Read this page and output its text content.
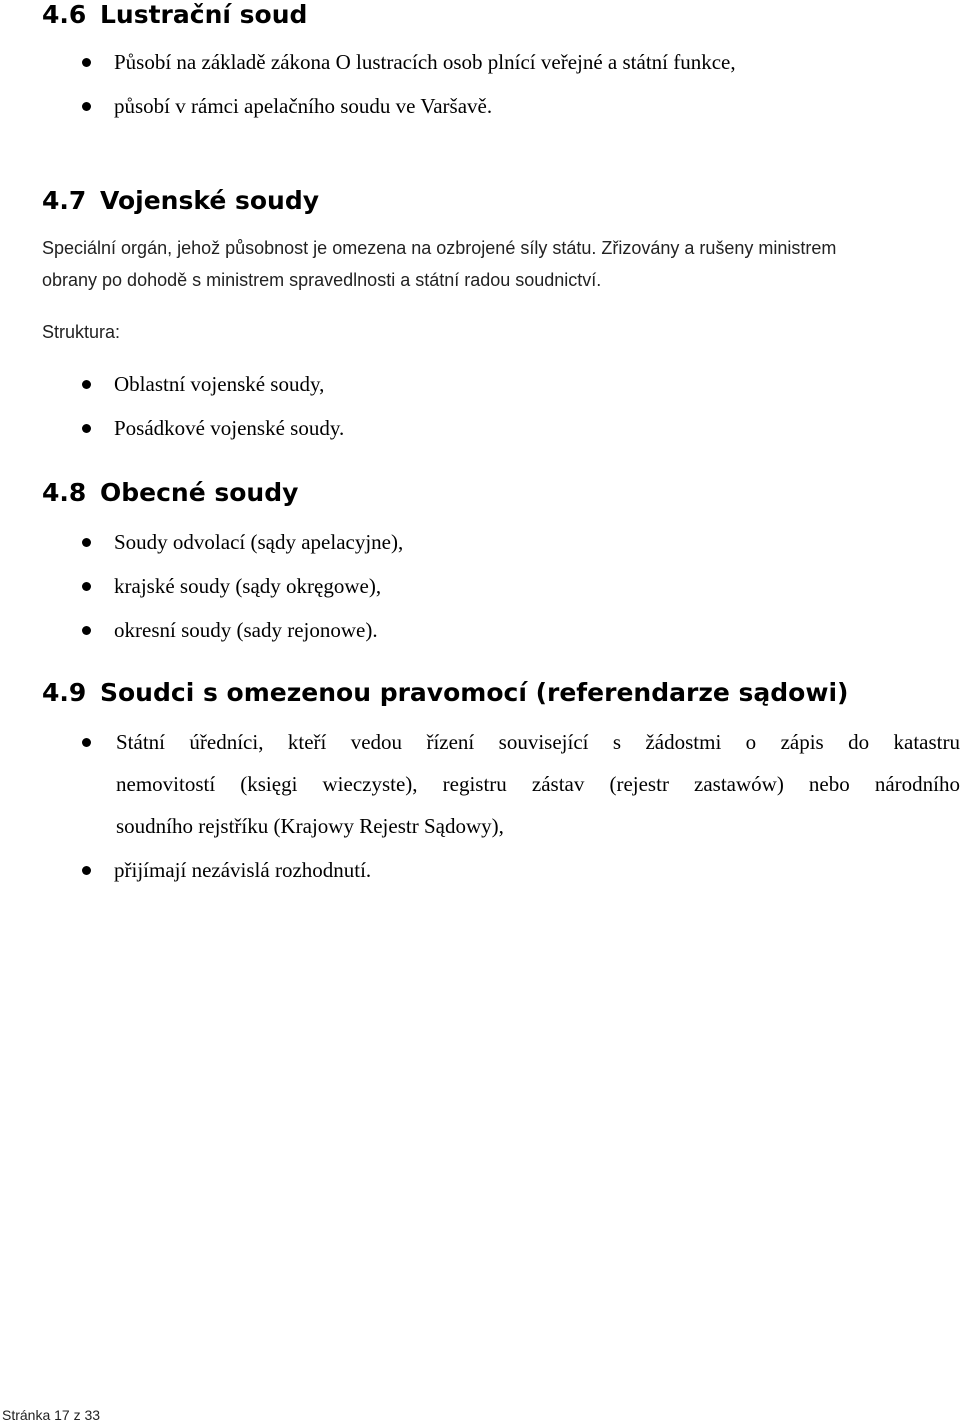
4.6 Lustrační soud
Působí na základě zákona O lustracích osob plnící veřejné a státní funkce,
působí v rámci apelačního soudu ve Varšavě.
4.7 Vojenské soudy

Speciální orgán, jehož působnost je omezena na ozbrojené síly státu. Zřizovány a rušeny ministrem
obrany po dohodě s ministrem spravedlnosti a státní radou soudnictví.

Struktura:

Oblastní vojenské soudy,
Posádkové vojenské soudy.
4.8 Obecné soudy
Soudy odvolací (sądy apelacyjne),
krajské soudy (sądy okręgowe),
okresní soudy (sady rejonowe).
4.9 Soudci s omezenou pravomocí (referendarze sądowi)
Státní úředníci, kteří vedou řízení související s žádostmi o zápis do katastru
nemovitostí (księgi wieczyste), registru zástav (rejestr zastawów) nebo národního
soudního rejstříku (Krajowy Rejestr Sądowy),
přijímají nezávislá rozhodnutí.

Stránka 17 z 33
